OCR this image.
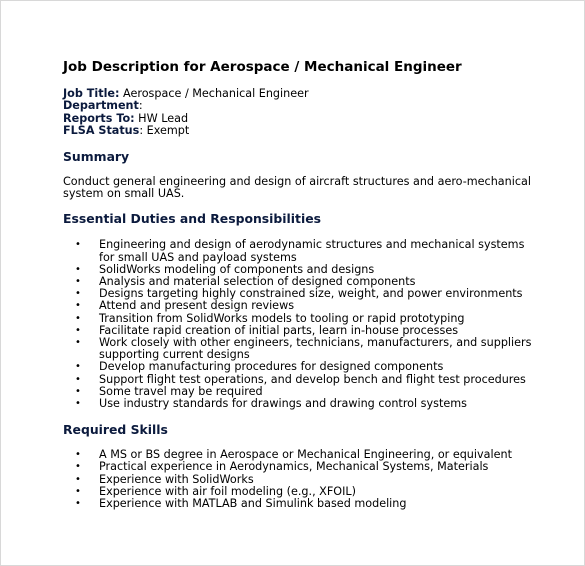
Job Description for Aerospace / Mechanical Engineer
Job Title: Aerospace / Mechanical Engineer
Department:
Reports To: HW Lead
FLSA Status: Exempt
Summary
Conduct general engineering and design of aircraft structures and aero-mechanical system on small UAS.
Essential Duties and Responsibilities
• Engineering and design of aerodynamic structures and mechanical systems for small UAS and payload systems
• SolidWorks modeling of components and designs
• Analysis and material selection of designed components
• Designs targeting highly constrained size, weight, and power environments
• Attend and present design reviews
• Transition from SolidWorks models to tooling or rapid prototyping
• Facilitate rapid creation of initial parts, learn in-house processes
• Work closely with other engineers, technicians, manufacturers, and suppliers supporting current designs
• Develop manufacturing procedures for designed components
• Support flight test operations, and develop bench and flight test procedures
• Some travel may be required
• Use industry standards for drawings and drawing control systems
Required Skills
• A MS or BS degree in Aerospace or Mechanical Engineering, or equivalent
• Practical experience in Aerodynamics, Mechanical Systems, Materials
• Experience with SolidWorks
• Experience with air foil modeling (e.g., XFOIL)
• Experience with MATLAB and Simulink based modeling
